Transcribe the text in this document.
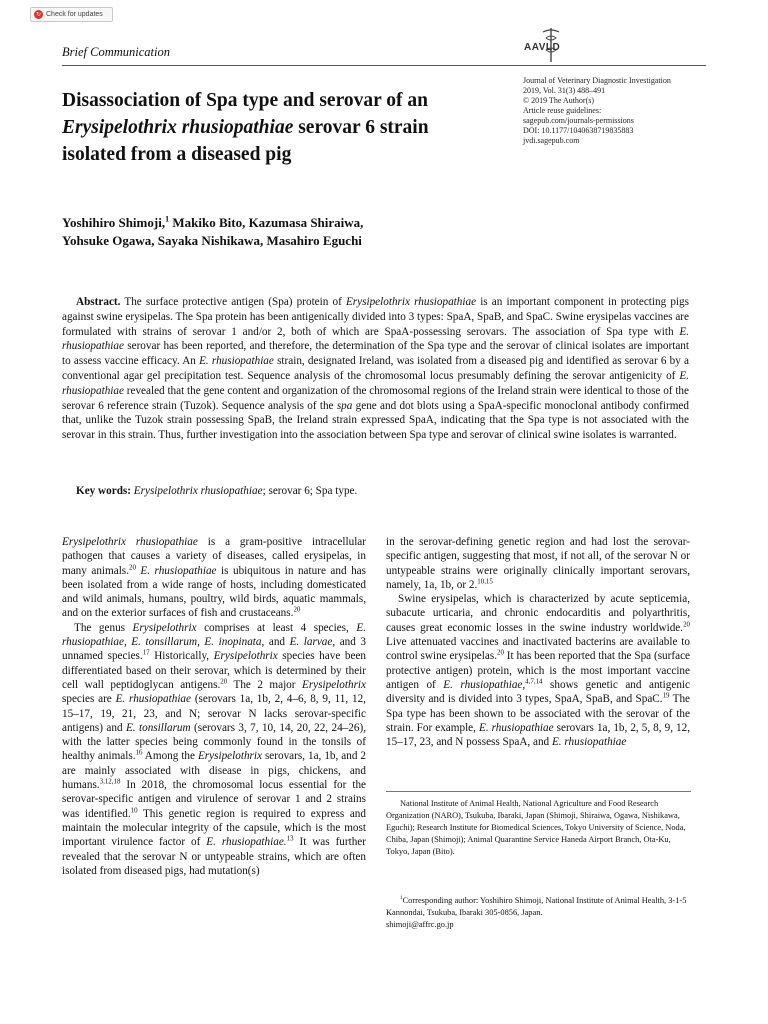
↻ Check for updates
Brief Communication	AAVLD
Disassociation of Spa type and serovar of an
Erysipelothrix rhusiopathiae serovar 6 strain
isolated from a diseased pig
Journal of Veterinary Diagnostic Investigation
2019, Vol. 31(3) 488–491
© 2019 The Author(s)
Article reuse guidelines:
sagepub.com/journals-permissions
DOI: 10.1177/1040638719835883
jvdi.sagepub.com
Yoshihiro Shimoji,$^1$ Makiko Bito, Kazumasa Shiraiwa,
Yohsuke Ogawa, Sayaka Nishikawa, Masahiro Eguchi
Abstract. The surface protective antigen (Spa) protein of Erysipelothrix rhusiopathiae is an important component in protecting pigs against swine erysipelas. The Spa protein has been antigenically divided into 3 types: SpaA, SpaB, and SpaC. Swine erysipelas vaccines are formulated with strains of serovar 1 and/or 2, both of which are SpaA-possessing serovars. The association of Spa type with E. rhusiopathiae serovar has been reported, and therefore, the determination of the Spa type and the serovar of clinical isolates are important to assess vaccine efficacy. An E. rhusiopathiae strain, designated Ireland, was isolated from a diseased pig and identified as serovar 6 by a conventional agar gel precipitation test. Sequence analysis of the chromosomal locus presumably defining the serovar antigenicity of E. rhusiopathiae revealed that the gene content and organization of the chromosomal regions of the Ireland strain were identical to those of the serovar 6 reference strain (Tuzok). Sequence analysis of the spa gene and dot blots using a SpaA-specific monoclonal antibody confirmed that, unlike the Tuzok strain possessing SpaB, the Ireland strain expressed SpaA, indicating that the Spa type is not associated with the serovar in this strain. Thus, further investigation into the association between Spa type and serovar of clinical swine isolates is warranted.
Key words: Erysipelothrix rhusiopathiae; serovar 6; Spa type.

Erysipelothrix rhusiopathiae is a gram-positive intracellular pathogen that causes a variety of diseases, called erysipelas, in many animals.$^{20}$ E. rhusiopathiae is ubiquitous in nature and has been isolated from a wide range of hosts, including domesticated and wild animals, humans, poultry, wild birds, aquatic mammals, and on the exterior surfaces of fish and crustaceans.$^{20}$

The genus Erysipelothrix comprises at least 4 species, E. rhusiopathiae, E. tonsillarum, E. inopinata, and E. larvae, and 3 unnamed species.$^{17}$ Historically, Erysipelothrix species have been differentiated based on their serovar, which is determined by their cell wall peptidoglycan antigens.$^{20}$ The 2 major Erysipelothrix species are E. rhusiopathiae (serovars 1a, 1b, 2, 4–6, 8, 9, 11, 12, 15–17, 19, 21, 23, and N; serovar N lacks serovar-specific antigens) and E. tonsillarum (serovars 3, 7, 10, 14, 20, 22, 24–26), with the latter species being commonly found in the tonsils of healthy animals.$^{16}$ Among the Erysipelothrix serovars, 1a, 1b, and 2 are mainly associated with disease in pigs, chickens, and humans.$^{3,12,18}$ In 2018, the chromosomal locus essential for the serovar-specific antigen and virulence of serovar 1 and 2 strains was identified.$^{10}$ This genetic region is required to express and maintain the molecular integrity of the capsule, which is the most important virulence factor of E. rhusiopathiae.$^{13}$ It was further revealed that the serovar N or untypeable strains, which are often isolated from diseased pigs, had mutation(s)

in the serovar-defining genetic region and had lost the serovar-specific antigen, suggesting that most, if not all, of the serovar N or untypeable strains were originally clinically important serovars, namely, 1a, 1b, or 2.$^{10,15}$

Swine erysipelas, which is characterized by acute septicemia, subacute urticaria, and chronic endocarditis and polyarthritis, causes great economic losses in the swine industry worldwide.$^{20}$ Live attenuated vaccines and inactivated bacterins are available to control swine erysipelas.$^{20}$ It has been reported that the Spa (surface protective antigen) protein, which is the most important vaccine antigen of E. rhusiopathiae,$^{4,7,14}$ shows genetic and antigenic diversity and is divided into 3 types, SpaA, SpaB, and SpaC.$^{19}$ The Spa type has been shown to be associated with the serovar of the strain. For example, E. rhusiopathiae serovars 1a, 1b, 2, 5, 8, 9, 12, 15–17, 23, and N possess SpaA, and E. rhusiopathiae

National Institute of Animal Health, National Agriculture and Food Research Organization (NARO), Tsukuba, Ibaraki, Japan (Shimoji, Shiraiwa, Ogawa, Nishikawa, Eguchi); Research Institute for Biomedical Sciences, Tokyo University of Science, Noda, Chiba, Japan (Shimoji); Animal Quarantine Service Haneda Airport Branch, Ota-Ku, Tokyo, Japan (Bito).
$^1$Corresponding author: Yoshihiro Shimoji, National Institute of Animal Health, 3-1-5 Kannondai, Tsukuba, Ibaraki 305-0856, Japan.
shimoji@affrc.go.jp
